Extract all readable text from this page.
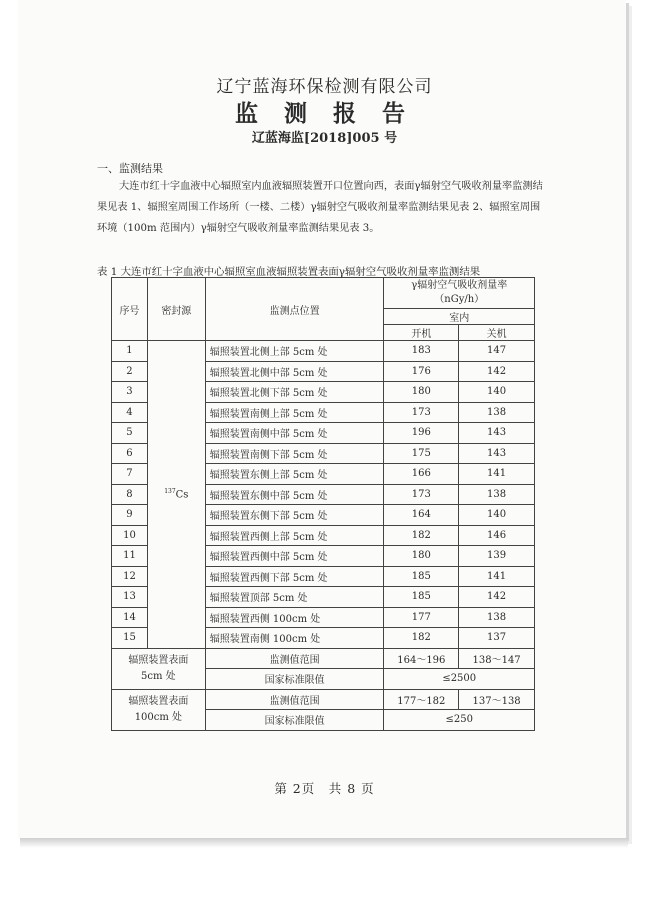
辽宁蓝海环保检测有限公司
监 测 报 告
辽蓝海监[2018]005 号
一、监测结果

大连市红十字血液中心辐照室内血液辐照装置开口位置向西，表面γ辐射空气吸收剂量率监测结果见表 1、辐照室周围工作场所（一楼、二楼）γ辐射空气吸收剂量率监测结果见表 2、辐照室周围环境（100m 范围内）γ辐射空气吸收剂量率监测结果见表 3。

表 1 大连市红十字血液中心辐照室血液辐照装置表面γ辐射空气吸收剂量率监测结果
序号	密封源	监测点位置	γ辐射空气吸收剂量率
（nGy/h）	

			室内	
			开机	关机
1	$^{137}$Cs	辐照装置北侧上部 5cm 处	183	147
2		辐照装置北侧中部 5cm 处	176	142
3		辐照装置北侧下部 5cm 处	180	140
4		辐照装置南侧上部 5cm 处	173	138
5		辐照装置南侧中部 5cm 处	196	143
6		辐照装置南侧下部 5cm 处	175	143
7		辐照装置东侧上部 5cm 处	166	141
8		辐照装置东侧中部 5cm 处	173	138
9		辐照装置东侧下部 5cm 处	164	140
10		辐照装置西侧上部 5cm 处	182	146
11		辐照装置西侧中部 5cm 处	180	139
12		辐照装置西侧下部 5cm 处	185	141
13		辐照装置顶部 5cm 处	185	142
14		辐照装置西侧 100cm 处	177	138
15		辐照装置南侧 100cm 处	182	137

辐照装置表面
5cm 处		监测值范围	164～196	138～147
		国家标准限值	≤2500	

辐照装置表面
100cm 处		监测值范围	177～182	137～138
		国家标准限值	≤250	
第 2页　共 8 页
